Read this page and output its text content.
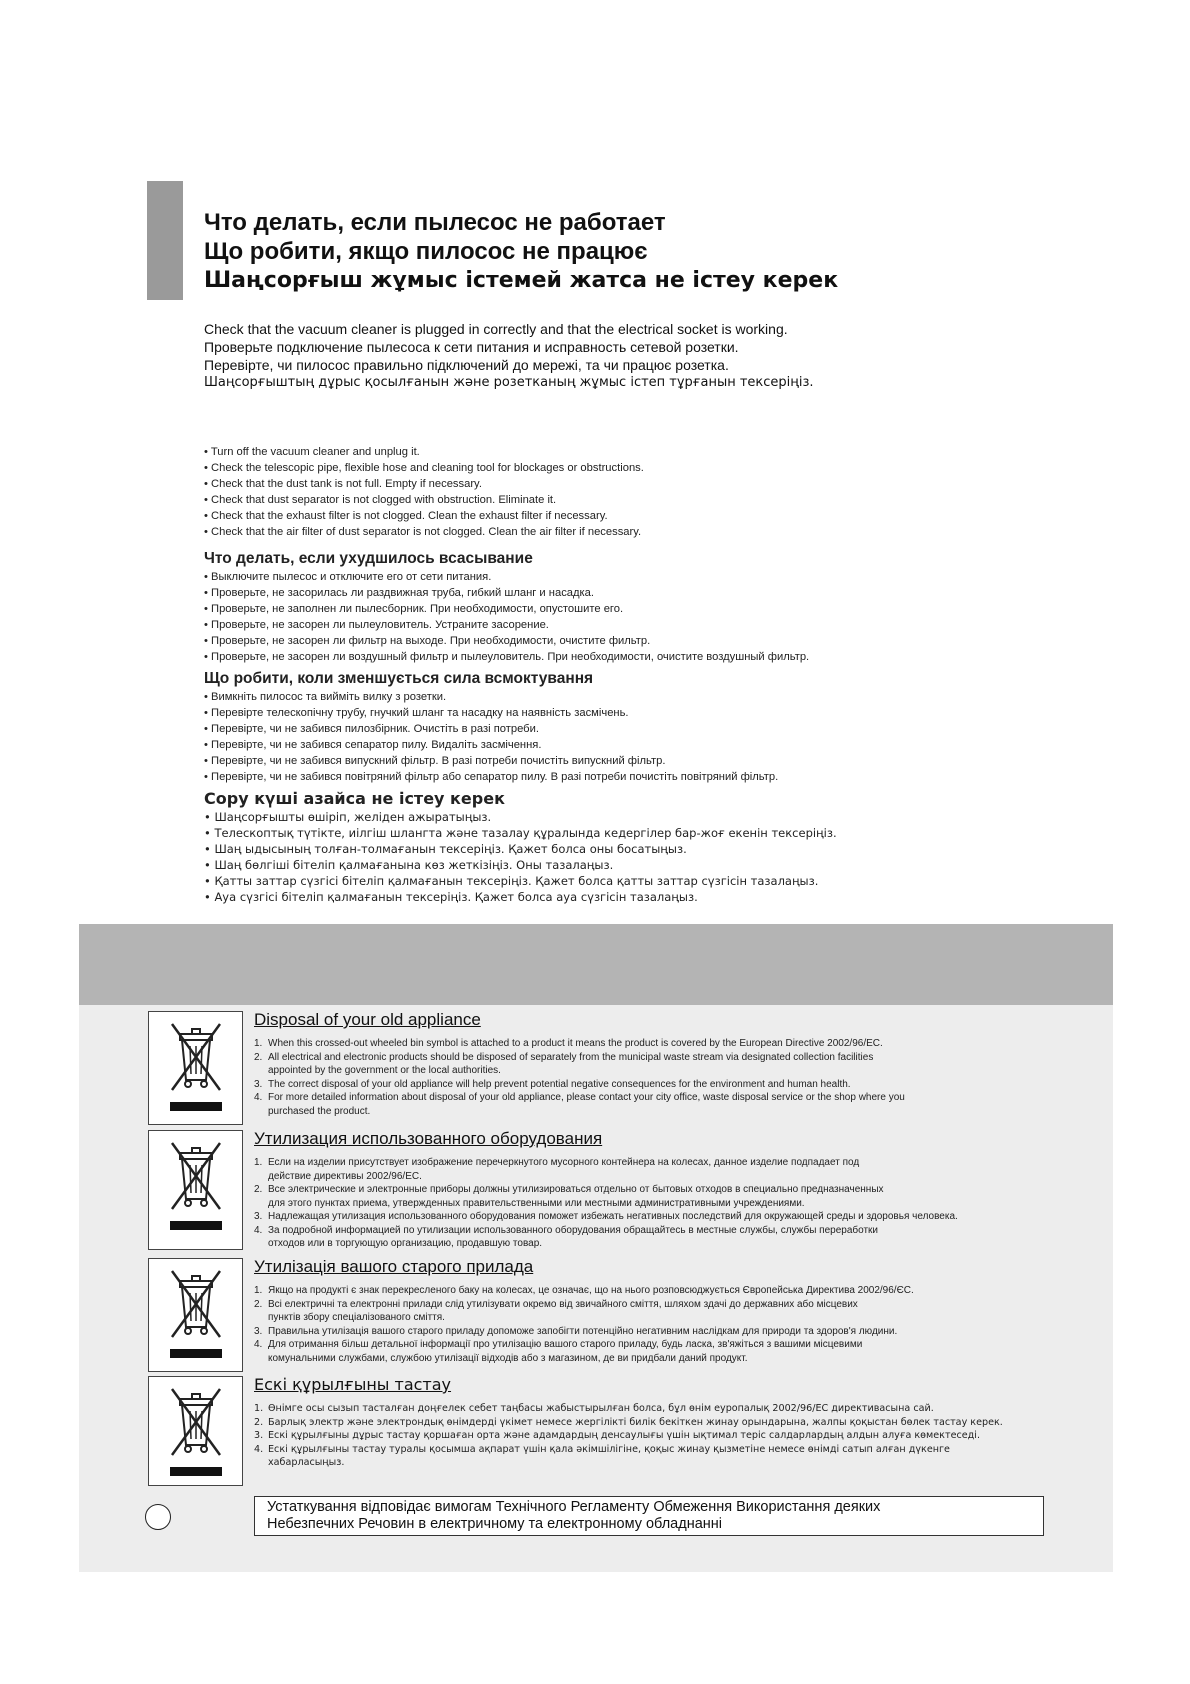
Что делать, если пылесос не работает
Що робити, якщо пилосос не працює
Шаңсорғыш жұмыс істемей жатса не істеу керек
Check that the vacuum cleaner is plugged in correctly and that the electrical socket is working.
Проверьте подключение пылесоса к сети питания и исправность сетевой розетки.
Перевірте, чи пилосос правильно підключений до мережі, та чи працює розетка.
Шаңсорғыштың дұрыс қосылғанын және розетканың жұмыс істеп тұрғанын тексеріңіз.
• Turn off the vacuum cleaner and unplug it.
• Check the telescopic pipe, flexible hose and cleaning tool for blockages or obstructions.
• Check that the dust tank is not full. Empty if necessary.
• Check that dust separator is not clogged with obstruction. Eliminate it.
• Check that the exhaust filter is not clogged. Clean the exhaust filter if necessary.
• Check that the air filter of dust separator is not clogged. Clean the air filter if necessary.
Что делать, если ухудшилось всасывание
• Выключите пылесос и отключите его от сети питания.
• Проверьте, не засорилась ли раздвижная труба, гибкий шланг и насадка.
• Проверьте, не заполнен ли пылесборник. При необходимости, опустошите его.
• Проверьте, не засорен ли пылеуловитель. Устраните засорение.
• Проверьте, не засорен ли фильтр на выходе. При необходимости, очистите фильтр.
• Проверьте, не засорен ли воздушный фильтр и пылеуловитель. При необходимости, очистите воздушный фильтр.
Що робити, коли зменшується сила всмоктування
• Вимкніть пилосос та вийміть вилку з розетки.
• Перевірте телескопічну трубу, гнучкий шланг та насадку на наявність засмічень.
• Перевірте, чи не забився пилозбірник. Очистіть в разі потреби.
• Перевірте, чи не забився сепаратор пилу. Видаліть засмічення.
• Перевірте, чи не забився випускний фільтр. В разі потреби почистіть випускний фільтр.
• Перевірте, чи не забився повітряний фільтр або сепаратор пилу. В разі потреби почистіть повітряний фільтр.
Сору күші азайса не істеу керек
• Шаңсорғышты өшіріп, желіден ажыратыңыз.
• Телескоптық түтікте, иілгіш шлангта және тазалау құралында кедергілер бар-жоғ екенін тексеріңіз.
• Шаң ыдысының толған-толмағанын тексеріңіз. Қажет болса оны босатыңыз.
• Шаң бөлгіші бітеліп қалмағанына көз жеткізіңіз. Оны тазалаңыз.
• Қатты заттар сүзгісі бітеліп қалмағанын тексеріңіз. Қажет болса қатты заттар сүзгісін тазалаңыз.
• Ауа сүзгісі бітеліп қалмағанын тексеріңіз. Қажет болса ауа сүзгісін тазалаңыз.
Disposal of your old appliance
1. When this crossed-out wheeled bin symbol is attached to a product it means the product is covered by the European Directive 2002/96/EC.
2. All electrical and electronic products should be disposed of separately from the municipal waste stream via designated collection facilities
appointed by the government or the local authorities.
3. The correct disposal of your old appliance will help prevent potential negative consequences for the environment and human health.
4. For more detailed information about disposal of your old appliance, please contact your city office, waste disposal service or the shop where you
purchased the product.
Утилизация использованного оборудования
1. Если на изделии присутствует изображение перечеркнутого мусорного контейнера на колесах, данное изделие подпадает под
действие директивы 2002/96/EC.
2. Все электрические и электронные приборы должны утилизироваться отдельно от бытовых отходов в специально предназначенных
для этого пунктах приема, утвержденных правительственными или местными административными учреждениями.
3. Надлежащая утилизация использованного оборудования поможет избежать негативных последствий для окружающей среды и здоровья человека.
4. За подробной информацией по утилизации использованного оборудования обращайтесь в местные службы, службы переработки
отходов или в торгующую организацию, продавшую товар.
Утилізація вашого старого прилада
1. Якщо на продукті є знак перекресленого баку на колесах, це означає, що на нього розповсюджується Європейська Директива 2002/96/ЄС.
2. Всі електричні та електронні прилади слід утилізувати окремо від звичайного сміття, шляхом здачі до державних або місцевих
пунктів збору спеціалізованого сміття.
3. Правильна утилізація вашого старого приладу допоможе запобігти потенційно негативним наслідкам для природи та здоров'я людини.
4. Для отримання більш детальної інформації про утилізацію вашого старого приладу, будь ласка, зв'яжіться з вашими місцевими
комунальними службами, службою утилізації відходів або з магазином, де ви придбали даний продукт.
Ескі құрылғыны тастау
1. Өнімге осы сызып тасталған доңғелек себет таңбасы жабыстырылған болса, бұл өнім еуропалық 2002/96/EC директивасына сай.
2. Барлық электр және электрондық өнімдерді үкімет немесе жергілікті билік бекіткен жинау орындарына, жалпы қоқыстан бөлек тастау керек.
3. Ескі құрылғыны дұрыс тастау қоршаған орта және адамдардың денсаулығы үшін ықтимал теріс салдарлардың алдын алуға көмектеседі.
4. Ескі құрылғыны тастау туралы қосымша ақпарат үшін қала әкімшілігіне, қоқыс жинау қызметіне немесе өнімді сатып алған дүкенге
хабарласыңыз.
Устаткування відповідає вимогам Технічного Регламенту Обмеження Використання деяких
Небезпечних Речовин в електричному та електронному обладнанні
